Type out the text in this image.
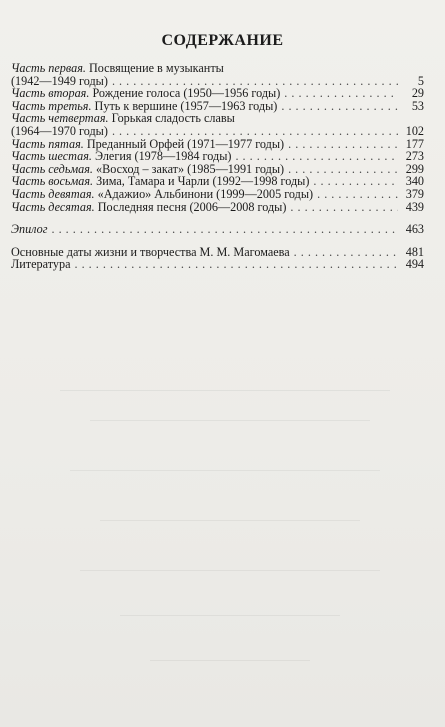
СОДЕРЖАНИЕ
Часть первая.
Посвящение в музыканты
(1942—1949 годы) . . .	5
Часть вторая.
Рождение голоса (1950—1956 годы) . . .	29
Часть третья.
Путь к вершине (1957—1963 годы) . . .	53
Часть четвертая.
Горькая сладость славы
(1964—1970 годы) . . .	102
Часть пятая.
Преданный Орфей (1971—1977 годы) . . .	177
Часть шестая.
Элегия (1978—1984 годы) . . .	273
Часть седьмая.
«Восход – закат» (1985—1991 годы) . . .	299
Часть восьмая.
Зима, Тамара и Чарли (1992—1998 годы) . . .	340
Часть девятая.
«Адажио» Альбинони (1999—2005 годы) . . .	379
Часть десятая.
Последняя песня (2006—2008 годы) . . .	439
Эпилог . . .	463
Основные даты жизни и творчества М. М. Магомаева . . .	481
Литература . . .	494
